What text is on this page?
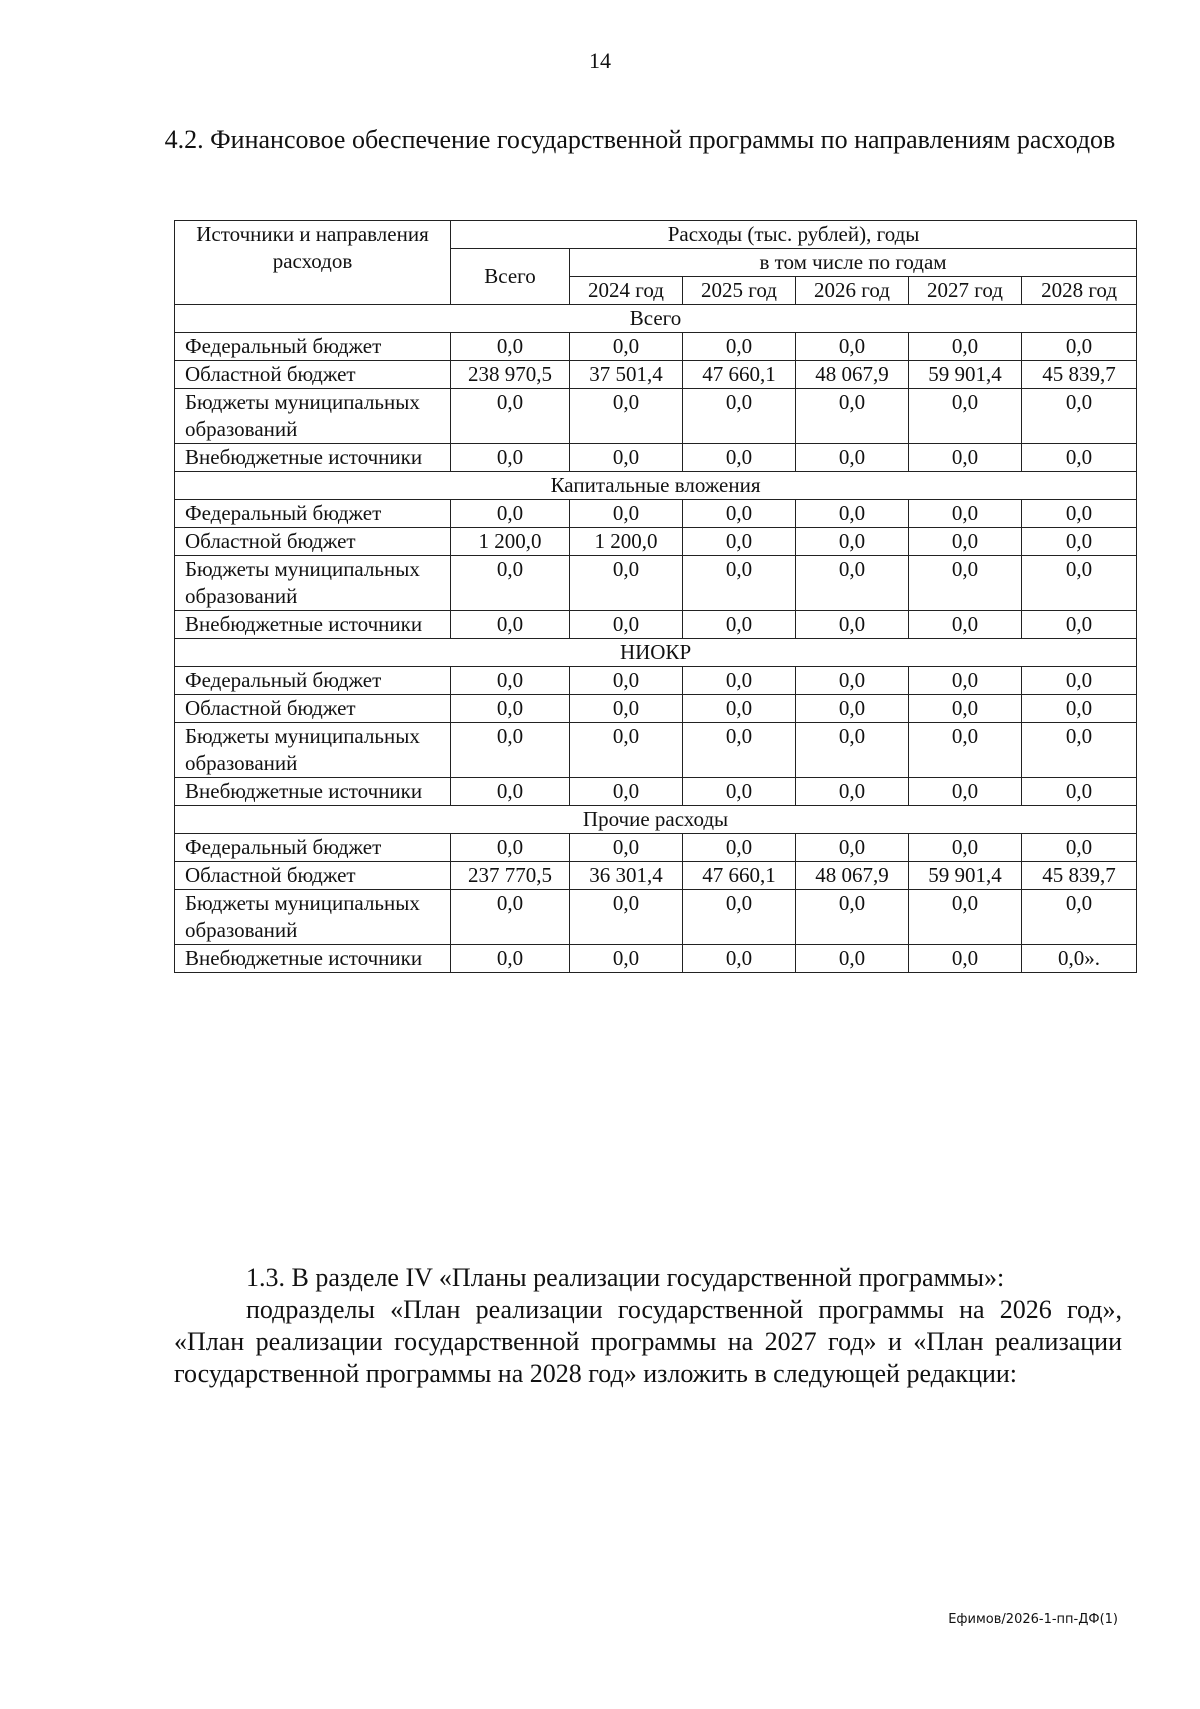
14
4.2. Финансовое обеспечение государственной программы по направлениям расходов
Источники и направления расходов	Расходы (тыс. рублей), годы					
	Всего	в том числе по годам				
		2024 год	2025 год	2026 год	2027 год	2028 год
Всего						
Федеральный бюджет	0,0	0,0	0,0	0,0	0,0	0,0
Областной бюджет	238 970,5	37 501,4	47 660,1	48 067,9	59 901,4	45 839,7
Бюджеты муниципальных образований	0,0	0,0	0,0	0,0	0,0	0,0
Внебюджетные источники	0,0	0,0	0,0	0,0	0,0	0,0
Капитальные вложения						
Федеральный бюджет	0,0	0,0	0,0	0,0	0,0	0,0
Областной бюджет	1 200,0	1 200,0	0,0	0,0	0,0	0,0
Бюджеты муниципальных образований	0,0	0,0	0,0	0,0	0,0	0,0
Внебюджетные источники	0,0	0,0	0,0	0,0	0,0	0,0
НИОКР						
Федеральный бюджет	0,0	0,0	0,0	0,0	0,0	0,0
Областной бюджет	0,0	0,0	0,0	0,0	0,0	0,0
Бюджеты муниципальных образований	0,0	0,0	0,0	0,0	0,0	0,0
Внебюджетные источники	0,0	0,0	0,0	0,0	0,0	0,0
Прочие расходы						
Федеральный бюджет	0,0	0,0	0,0	0,0	0,0	0,0
Областной бюджет	237 770,5	36 301,4	47 660,1	48 067,9	59 901,4	45 839,7
Бюджеты муниципальных образований	0,0	0,0	0,0	0,0	0,0	0,0
Внебюджетные источники	0,0	0,0	0,0	0,0	0,0	0,0».

1.3. В разделе IV «Планы реализации государственной программы»:

подразделы «План реализации государственной программы на 2026 год», «План реализации государственной программы на 2027 год» и «План реализации государственной программы на 2028 год» изложить в следующей редакции:

Ефимов/2026-1-пп-ДФ(1)
